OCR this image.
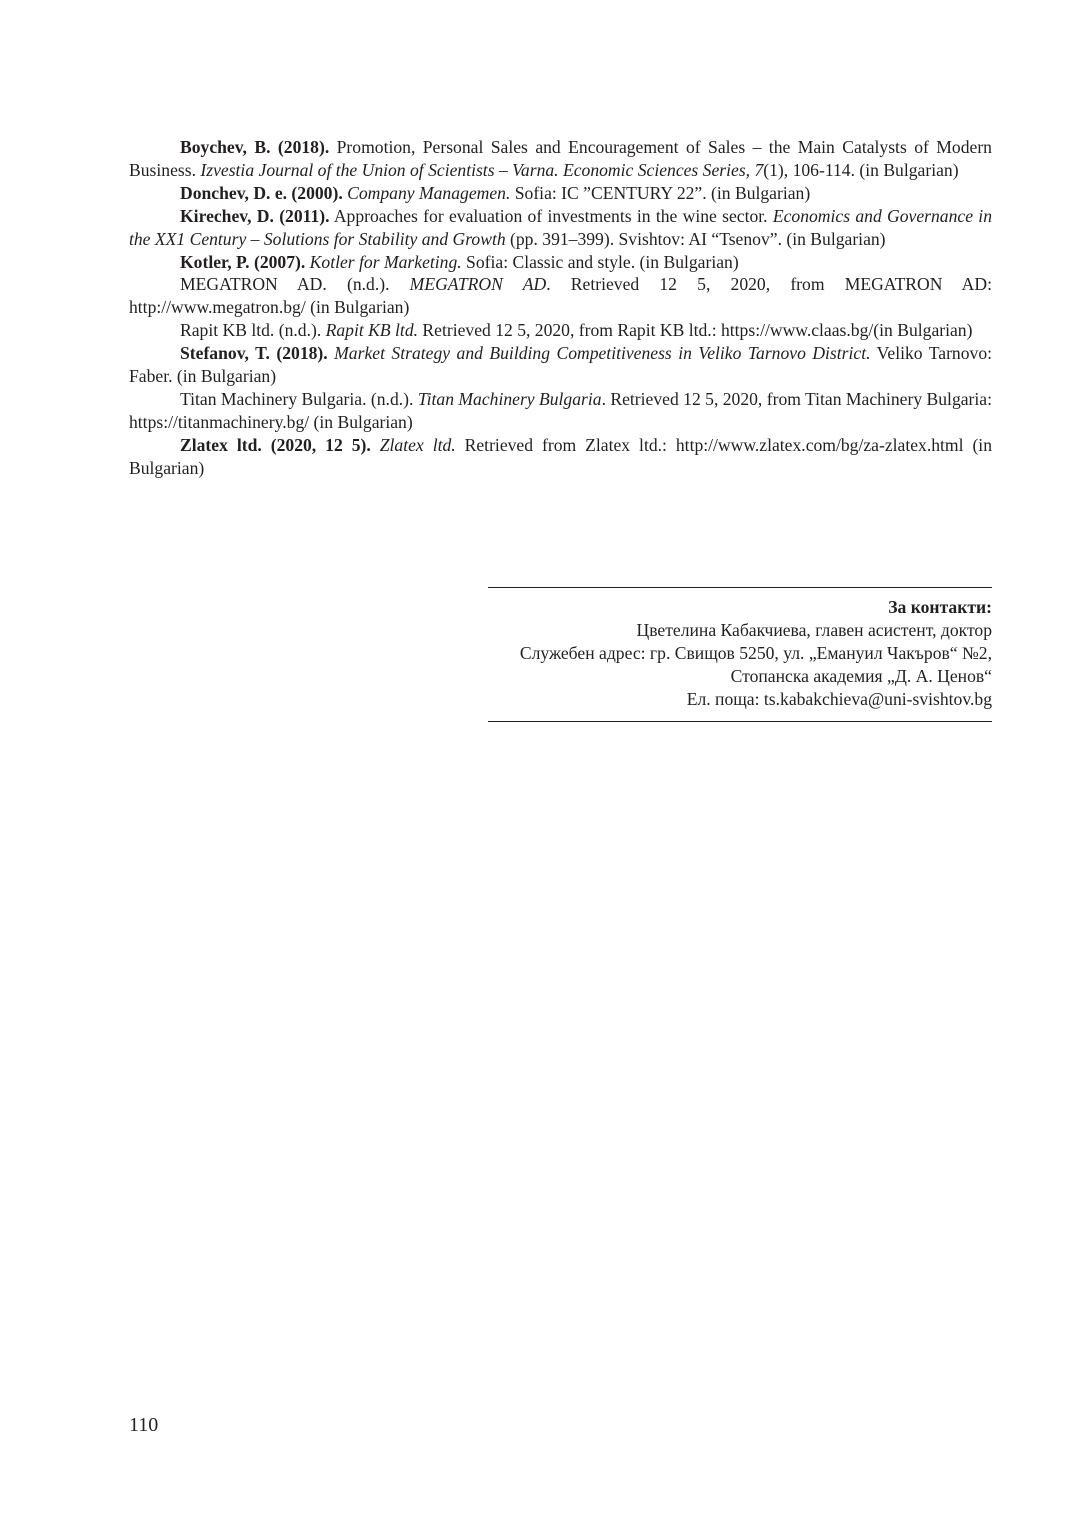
Boychev, B. (2018). Promotion, Personal Sales and Encouragement of Sales – the Main Catalysts of Modern Business. Izvestia Journal of the Union of Scientists – Varna. Economic Sciences Series, 7(1), 106-114. (in Bulgarian)

Donchev, D. e. (2000). Company Managemen. Sofia: IC ”CENTURY 22”. (in Bulgarian)

Kirechev, D. (2011). Approaches for evaluation of investments in the wine sector. Economics and Governance in the XX1 Century – Solutions for Stability and Growth (pp. 391–399). Svishtov: AI “Tsenov”. (in Bulgarian)

Kotler, P. (2007). Kotler for Marketing. Sofia: Classic and style. (in Bulgarian)

MEGATRON AD. (n.d.). MEGATRON AD. Retrieved 12 5, 2020, from MEGATRON AD: http://www.megatron.bg/ (in Bulgarian)

Rapit KB ltd. (n.d.). Rapit KB ltd. Retrieved 12 5, 2020, from Rapit KB ltd.: https://www.claas.bg/(in Bulgarian)

Stefanov, T. (2018). Market Strategy and Building Competitiveness in Veliko Tarnovo District. Veliko Tarnovo: Faber. (in Bulgarian)

Titan Machinery Bulgaria. (n.d.). Titan Machinery Bulgaria. Retrieved 12 5, 2020, from Titan Machinery Bulgaria: https://titanmachinery.bg/ (in Bulgarian)

Zlatex ltd. (2020, 12 5). Zlatex ltd. Retrieved from Zlatex ltd.: http://www.zlatex.com/bg/za-zlatex.html (in Bulgarian)

За контакти:
Цветелина Кабакчиева, главен асистент, доктор
Служебен адрес: гр. Свищов 5250, ул. „Емануил Чакъров“ №2,
Стопанска академия „Д. А. Ценов“
Ел. поща: ts.kabakchieva@uni-svishtov.bg
110
